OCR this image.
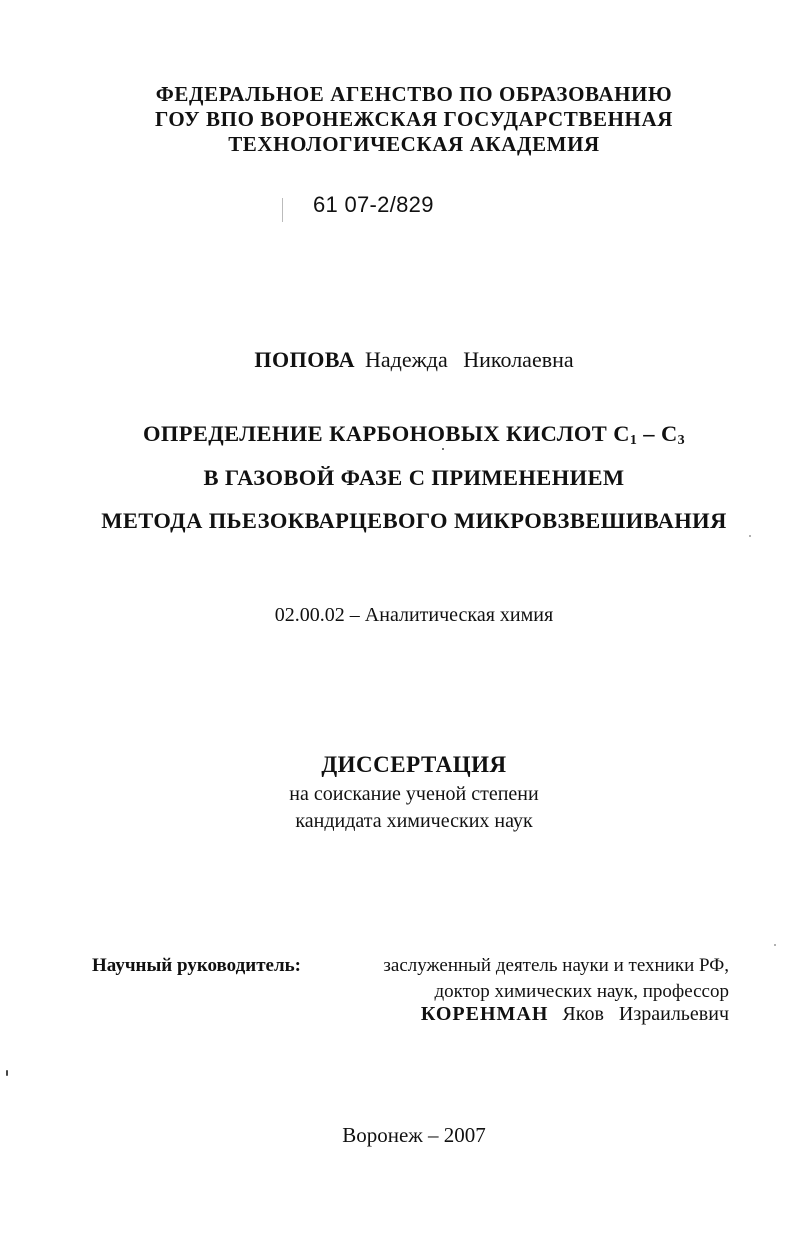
ФЕДЕРАЛЬНОЕ АГЕНСТВО ПО ОБРАЗОВАНИЮ
ГОУ ВПО ВОРОНЕЖСКАЯ ГОСУДАРСТВЕННАЯ
ТЕХНОЛОГИЧЕСКАЯ АКАДЕМИЯ
61 07-2/829
ПОПОВА Надежда Николаевна
ОПРЕДЕЛЕНИЕ КАРБОНОВЫХ КИСЛОТ $С_1 - С_3$
В ГАЗОВОЙ ФАЗЕ С ПРИМЕНЕНИЕМ
МЕТОДА ПЬЕЗОКВАРЦЕВОГО МИКРОВЗВЕШИВАНИЯ
02.00.02 – Аналитическая химия
ДИССЕРТАЦИЯ
на соискание ученой степени
кандидата химических наук
Научный руководитель:	заслуженный деятель науки и техники РФ,
доктор химических наук, профессор
КОРЕНМАН Яков Израильевич
Воронеж – 2007
